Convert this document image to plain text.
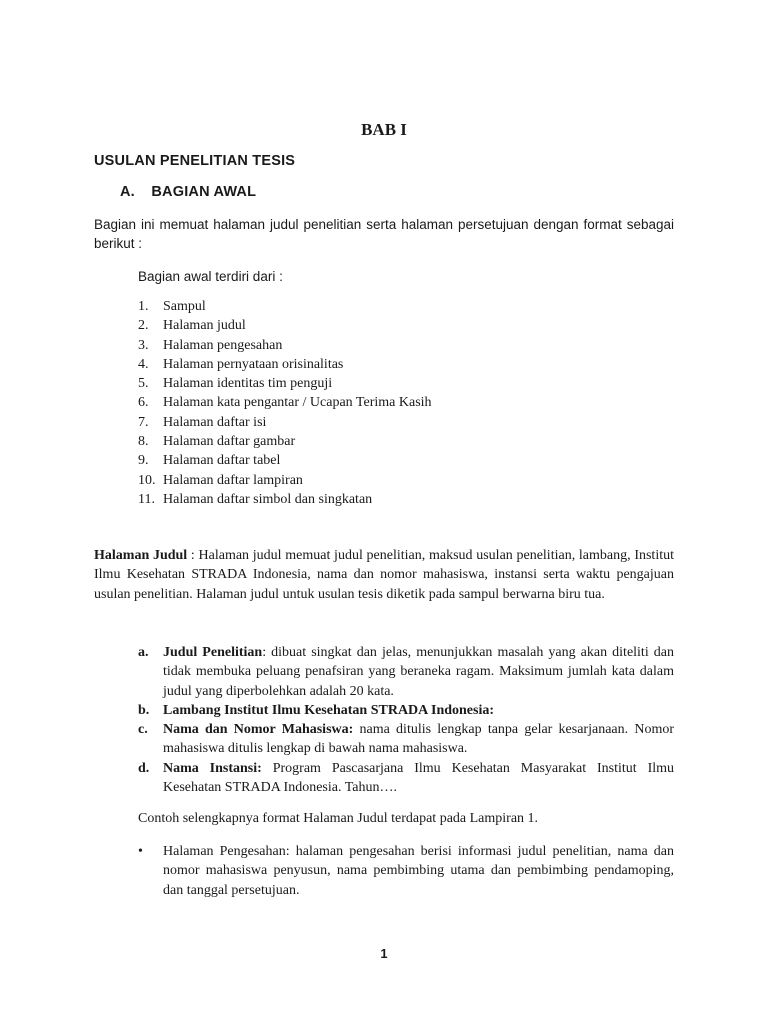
BAB I
USULAN PENELITIAN TESIS
A. BAGIAN AWAL
Bagian ini memuat halaman judul penelitian serta halaman persetujuan dengan format sebagai berikut :
Bagian awal terdiri dari :
1. Sampul
2. Halaman judul
3. Halaman pengesahan
4. Halaman pernyataan orisinalitas
5. Halaman identitas tim penguji
6. Halaman kata pengantar / Ucapan Terima Kasih
7. Halaman daftar isi
8. Halaman daftar gambar
9. Halaman daftar tabel
10. Halaman daftar lampiran
11. Halaman daftar simbol dan singkatan
Halaman Judul : Halaman judul memuat judul penelitian, maksud usulan penelitian, lambang, Institut Ilmu Kesehatan STRADA Indonesia, nama dan nomor mahasiswa, instansi serta waktu pengajuan usulan penelitian. Halaman judul untuk usulan tesis diketik pada sampul berwarna biru tua.
a. Judul Penelitian: dibuat singkat dan jelas, menunjukkan masalah yang akan diteliti dan tidak membuka peluang penafsiran yang beraneka ragam. Maksimum jumlah kata dalam judul yang diperbolehkan adalah 20 kata.
b. Lambang Institut Ilmu Kesehatan STRADA Indonesia:
c. Nama dan Nomor Mahasiswa: nama ditulis lengkap tanpa gelar kesarjanaan. Nomor mahasiswa ditulis lengkap di bawah nama mahasiswa.
d. Nama Instansi: Program Pascasarjana Ilmu Kesehatan Masyarakat Institut Ilmu Kesehatan STRADA Indonesia. Tahun….
Contoh selengkapnya format Halaman Judul terdapat pada Lampiran 1.
• Halaman Pengesahan: halaman pengesahan berisi informasi judul penelitian, nama dan nomor mahasiswa penyusun, nama pembimbing utama dan pembimbing pendamoping, dan tanggal persetujuan.
1
